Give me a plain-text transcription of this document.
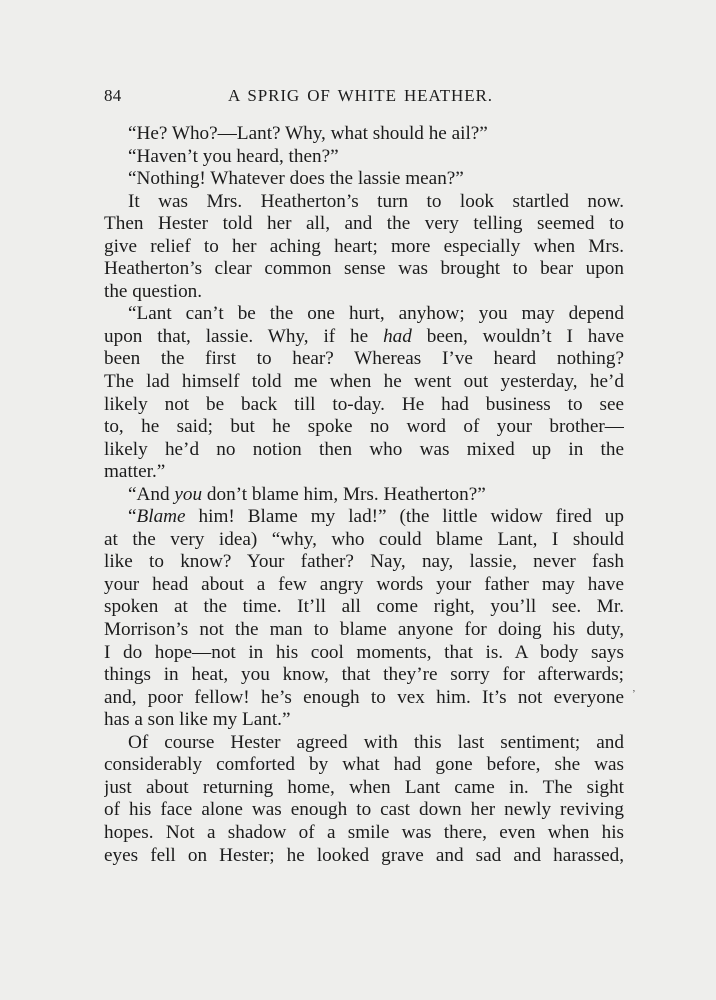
84	A SPRIG OF WHITE HEATHER.
“He? Who?—Lant? Why, what should he ail?”
“Haven’t you heard, then?”
“Nothing! Whatever does the lassie mean?”
It was Mrs. Heatherton’s turn to look startled now.
Then Hester told her all, and the very telling seemed to
give relief to her aching heart; more especially when Mrs.
Heatherton’s clear common sense was brought to bear upon
the question.
“Lant can’t be the one hurt, anyhow; you may depend
upon that, lassie. Why, if he had been, wouldn’t I have
been the first to hear? Whereas I’ve heard nothing?
The lad himself told me when he went out yesterday, he’d
likely not be back till to-day. He had business to see
to, he said; but he spoke no word of your brother—
likely he’d no notion then who was mixed up in the
matter.”
“And you don’t blame him, Mrs. Heatherton?”
“Blame him! Blame my lad!” (the little widow fired up
at the very idea) “why, who could blame Lant, I should
like to know? Your father? Nay, nay, lassie, never fash
your head about a few angry words your father may have
spoken at the time. It’ll all come right, you’ll see. Mr.
Morrison’s not the man to blame anyone for doing his duty,
I do hope—not in his cool moments, that is. A body says
things in heat, you know, that they’re sorry for afterwards;
and, poor fellow! he’s enough to vex him. It’s not everyone
has a son like my Lant.”
Of course Hester agreed with this last sentiment; and
considerably comforted by what had gone before, she was
just about returning home, when Lant came in. The sight
of his face alone was enough to cast down her newly reviving
hopes. Not a shadow of a smile was there, even when his
eyes fell on Hester; he looked grave and sad and harassed,
’
